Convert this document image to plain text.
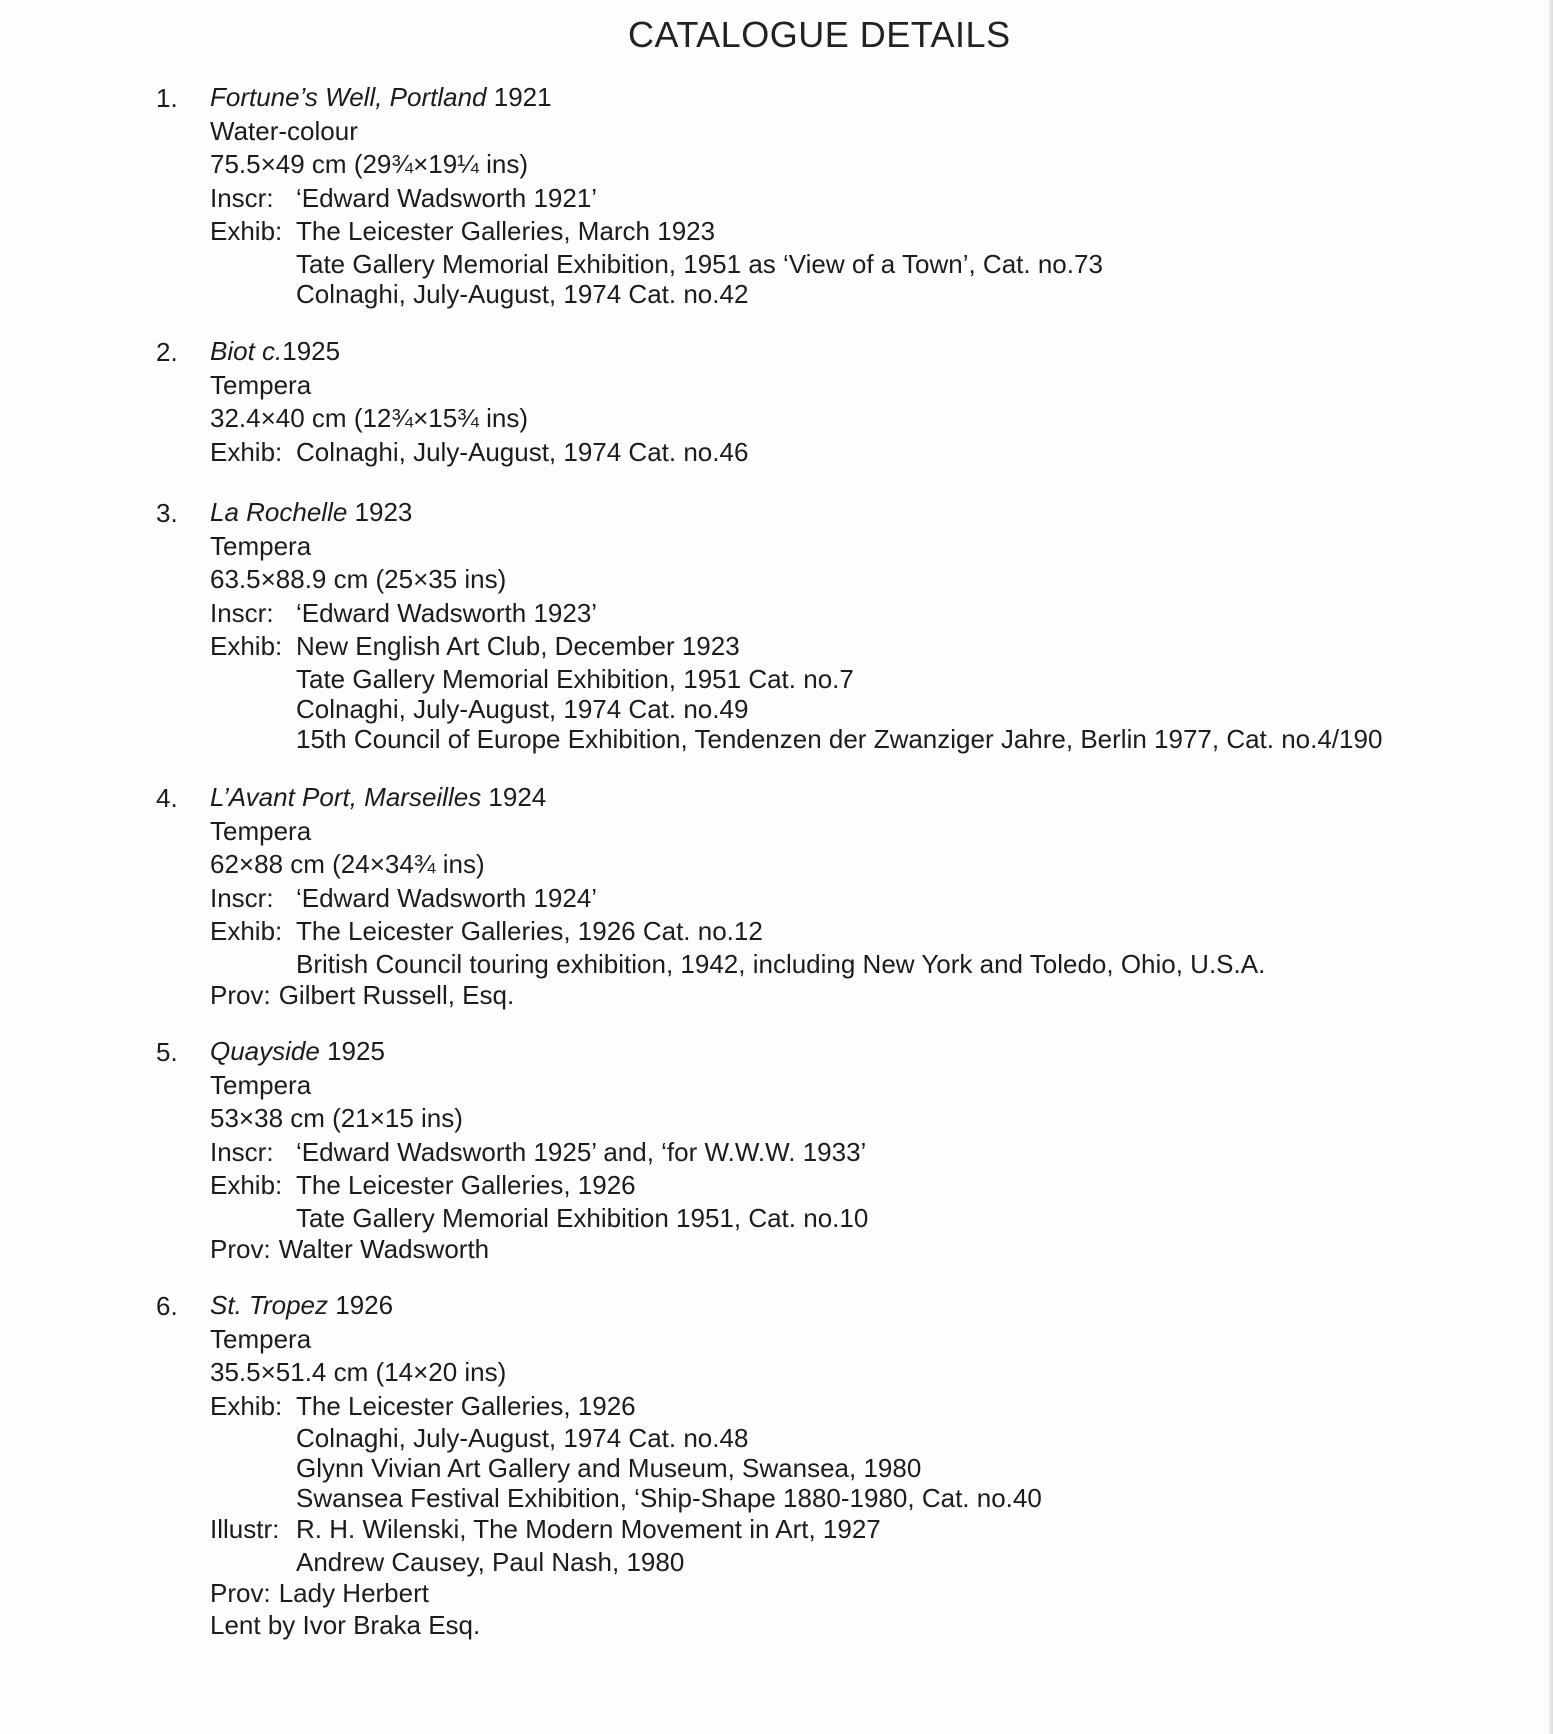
CATALOGUE DETAILS
1. Fortune’s Well, Portland 1921
Water-colour
75.5×49 cm (29¾×19¼ ins)
Inscr: ‘Edward Wadsworth 1921’
Exhib: The Leicester Galleries, March 1923
Tate Gallery Memorial Exhibition, 1951 as ‘View of a Town’, Cat. no.73
Colnaghi, July-August, 1974 Cat. no.42
2. Biot c.1925
Tempera
32.4×40 cm (12¾×15¾ ins)
Exhib: Colnaghi, July-August, 1974 Cat. no.46
3. La Rochelle 1923
Tempera
63.5×88.9 cm (25×35 ins)
Inscr: ‘Edward Wadsworth 1923’
Exhib: New English Art Club, December 1923
Tate Gallery Memorial Exhibition, 1951 Cat. no.7
Colnaghi, July-August, 1974 Cat. no.49
15th Council of Europe Exhibition, Tendenzen der Zwanziger Jahre, Berlin 1977, Cat. no.4/190
4. L’Avant Port, Marseilles 1924
Tempera
62×88 cm (24×34¾ ins)
Inscr: ‘Edward Wadsworth 1924’
Exhib: The Leicester Galleries, 1926 Cat. no.12
British Council touring exhibition, 1942, including New York and Toledo, Ohio, U.S.A.
Prov: Gilbert Russell, Esq.
5. Quayside 1925
Tempera
53×38 cm (21×15 ins)
Inscr: ‘Edward Wadsworth 1925’ and, ‘for W.W.W. 1933’
Exhib: The Leicester Galleries, 1926
Tate Gallery Memorial Exhibition 1951, Cat. no.10
Prov: Walter Wadsworth
6. St. Tropez 1926
Tempera
35.5×51.4 cm (14×20 ins)
Exhib: The Leicester Galleries, 1926
Colnaghi, July-August, 1974 Cat. no.48
Glynn Vivian Art Gallery and Museum, Swansea, 1980
Swansea Festival Exhibition, ‘Ship-Shape 1880-1980, Cat. no.40
Illustr: R. H. Wilenski, The Modern Movement in Art, 1927
Andrew Causey, Paul Nash, 1980
Prov: Lady Herbert
Lent by Ivor Braka Esq.
